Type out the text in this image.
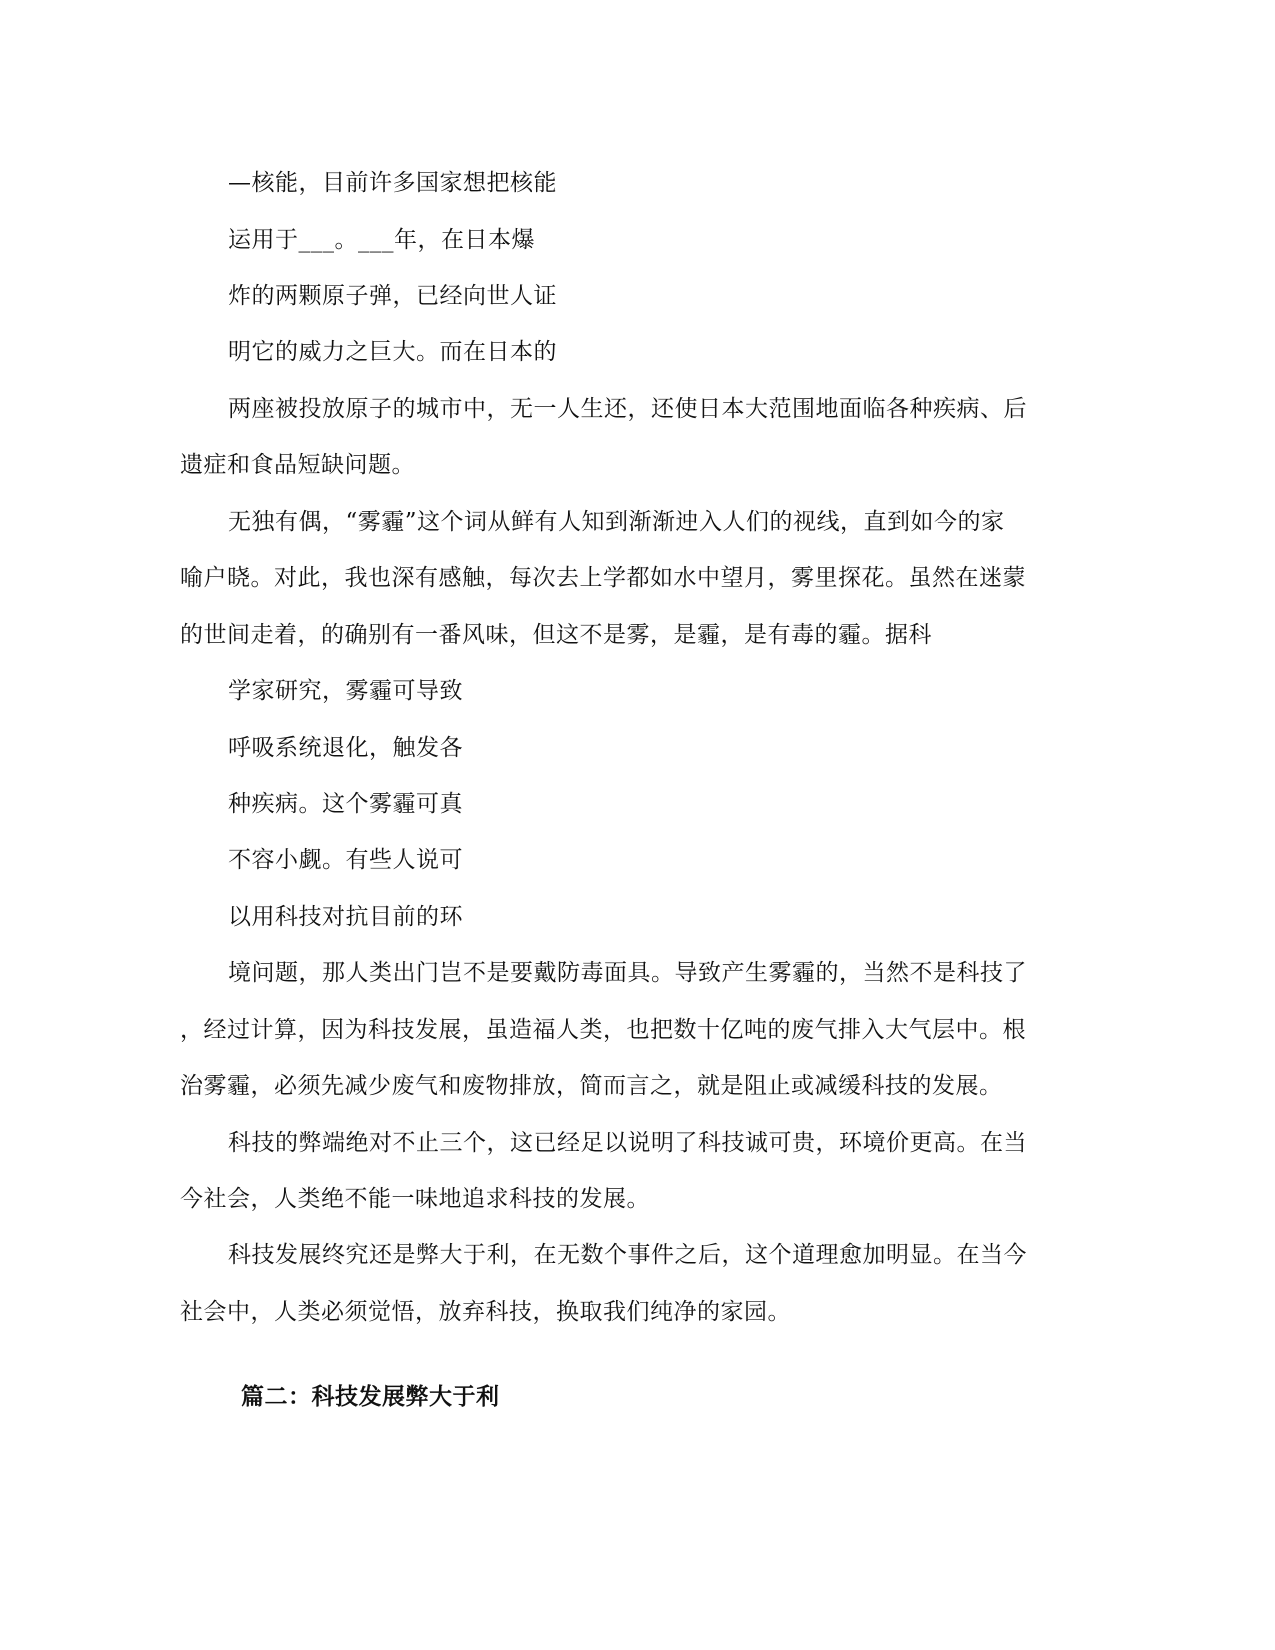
—核能，目前许多国家想把核能
运用于___。___年，在日本爆
炸的两颗原子弹，已经向世人证
明它的威力之巨大。而在日本的
两座被投放原子的城市中，无一人生还，还使日本大范围地面临各种疾病、后
遗症和食品短缺问题。
无独有偶，“雾霾”这个词从鲜有人知到渐渐迚入人们的视线，直到如今的家
喻户晓。对此，我也深有感触，每次去上学都如水中望月，雾里探花。虽然在迷蒙
的世间走着，的确别有一番风味，但这不是雾，是霾，是有毒的霾。据科
学家研究，雾霾可导致
呼吸系统退化，触发各
种疾病。这个雾霾可真
不容小觑。有些人说可
以用科技对抗目前的环
境问题，那人类出门岂不是要戴防毒面具。导致产生雾霾的，当然不是科技了
，经过计算，因为科技发展，虽造福人类，也把数十亿吨的废气排入大气层中。根
治雾霾，必须先减少废气和废物排放，简而言之，就是阻止或减缓科技的发展。
科技的弊端绝对不止三个，这已经足以说明了科技诚可贵，环境价更高。在当
今社会，人类绝不能一味地追求科技的发展。
科技发展终究还是弊大于利，在无数个事件之后，这个道理愈加明显。在当今
社会中，人类必须觉悟，放弃科技，换取我们纯净的家园。
篇二：科技发展弊大于利
